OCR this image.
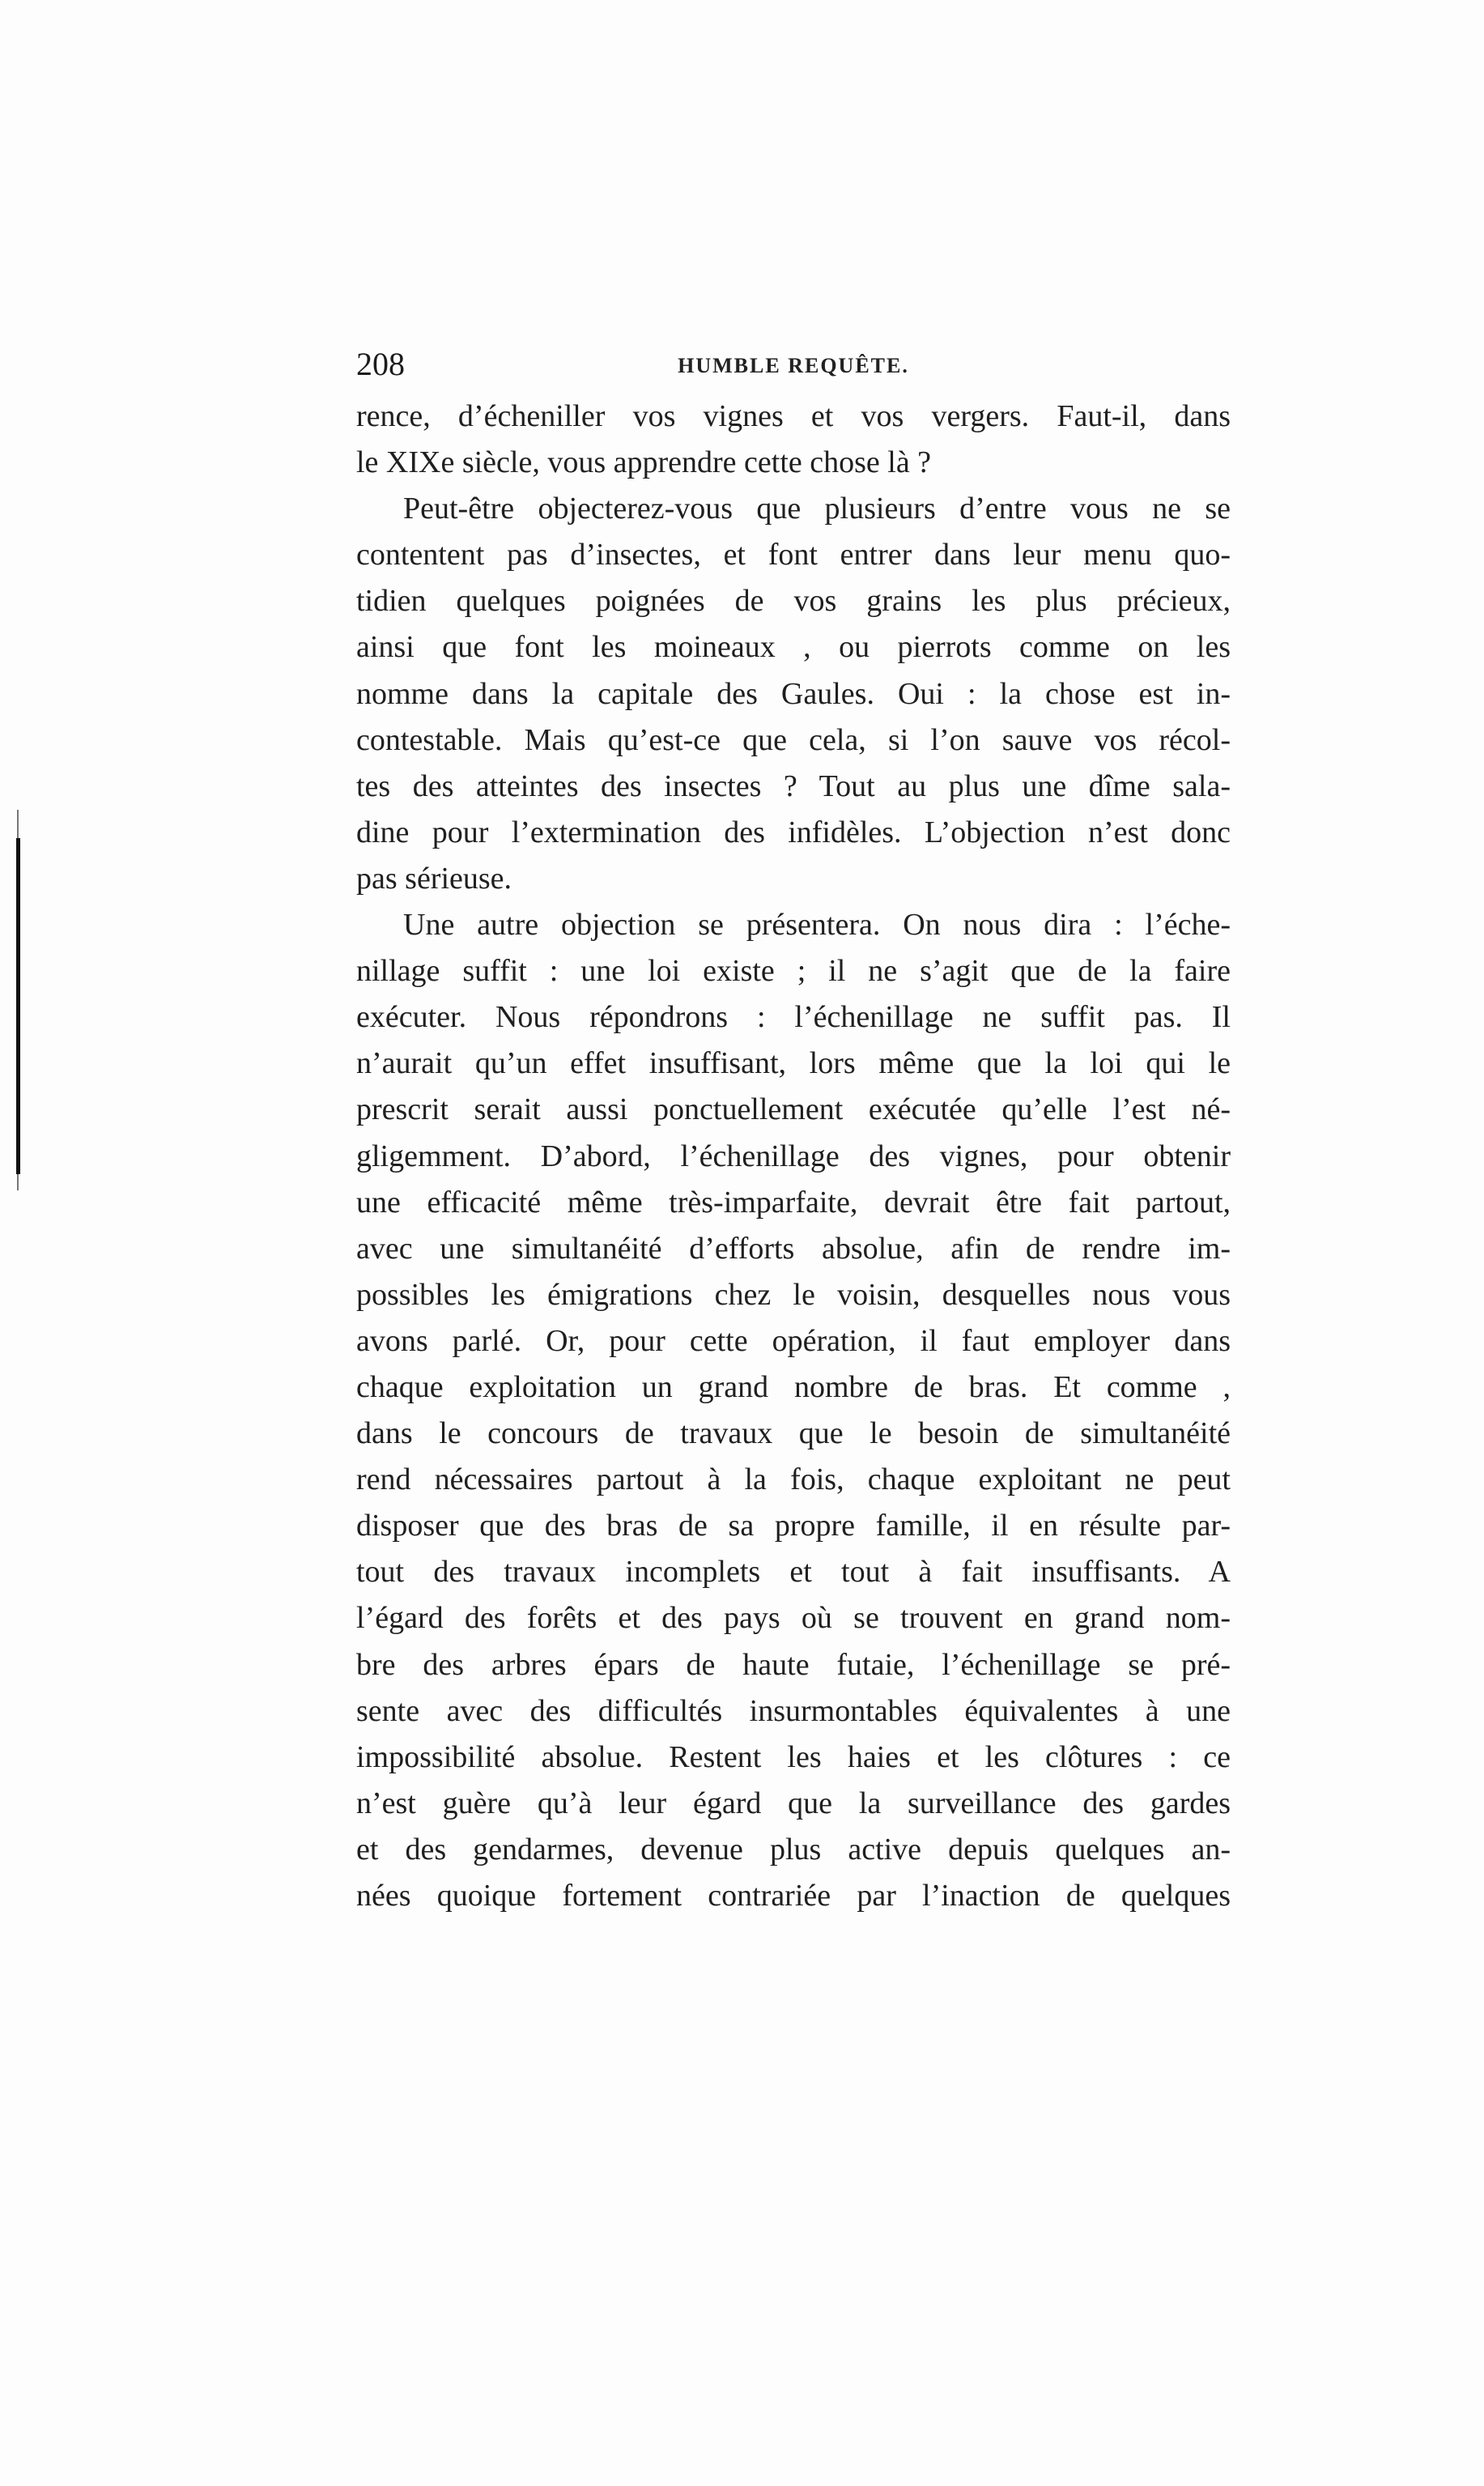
208	HUMBLE REQUÊTE.
rence, d’écheniller vos vignes et vos vergers. Faut-il, dans
le XIXe siècle, vous apprendre cette chose là ?
Peut-être objecterez-vous que plusieurs d’entre vous ne se
contentent pas d’insectes, et font entrer dans leur menu quo-
tidien quelques poignées de vos grains les plus précieux,
ainsi que font les moineaux , ou pierrots comme on les
nomme dans la capitale des Gaules. Oui : la chose est in-
contestable. Mais qu’est-ce que cela, si l’on sauve vos récol-
tes des atteintes des insectes ? Tout au plus une dîme sala-
dine pour l’extermination des infidèles. L’objection n’est donc
pas sérieuse.
Une autre objection se présentera. On nous dira : l’éche-
nillage suffit : une loi existe ; il ne s’agit que de la faire
exécuter. Nous répondrons : l’échenillage ne suffit pas. Il
n’aurait qu’un effet insuffisant, lors même que la loi qui le
prescrit serait aussi ponctuellement exécutée qu’elle l’est né-
gligemment. D’abord, l’échenillage des vignes, pour obtenir
une efficacité même très-imparfaite, devrait être fait partout,
avec une simultanéité d’efforts absolue, afin de rendre im-
possibles les émigrations chez le voisin, desquelles nous vous
avons parlé. Or, pour cette opération, il faut employer dans
chaque exploitation un grand nombre de bras. Et comme ,
dans le concours de travaux que le besoin de simultanéité
rend nécessaires partout à la fois, chaque exploitant ne peut
disposer que des bras de sa propre famille, il en résulte par-
tout des travaux incomplets et tout à fait insuffisants. A
l’égard des forêts et des pays où se trouvent en grand nom-
bre des arbres épars de haute futaie, l’échenillage se pré-
sente avec des difficultés insurmontables équivalentes à une
impossibilité absolue. Restent les haies et les clôtures : ce
n’est guère qu’à leur égard que la surveillance des gardes
et des gendarmes, devenue plus active depuis quelques an-
nées quoique fortement contrariée par l’inaction de quelques
